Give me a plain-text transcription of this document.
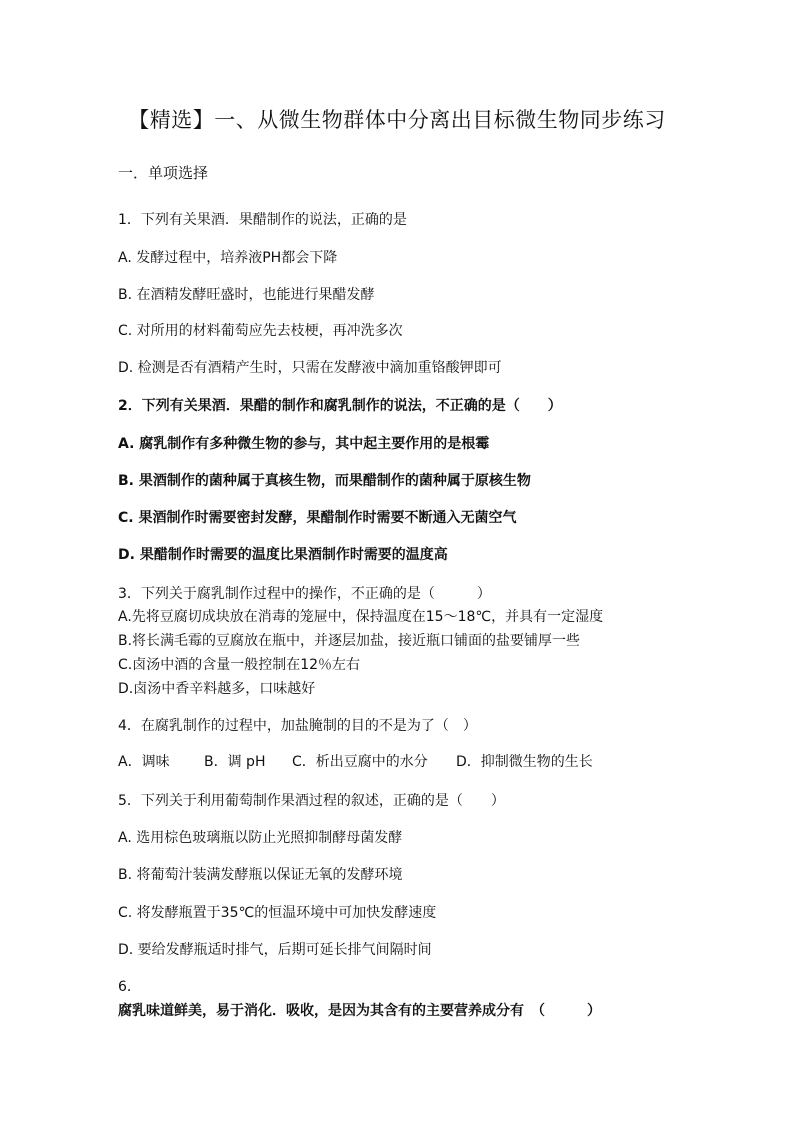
【精选】一、从微生物群体中分离出目标微生物同步练习
一．单项选择
1．下列有关果酒．果醋制作的说法，正确的是
A. 发酵过程中，培养液PH都会下降
B. 在酒精发酵旺盛时，也能进行果醋发酵
C. 对所用的材料葡萄应先去枝梗，再冲洗多次
D. 检测是否有酒精产生时，只需在发酵液中滴加重铬酸钾即可
2．下列有关果酒．果醋的制作和腐乳制作的说法，不正确的是（　　）
A. 腐乳制作有多种微生物的参与，其中起主要作用的是根霉
B. 果酒制作的菌种属于真核生物，而果醋制作的菌种属于原核生物
C. 果酒制作时需要密封发酵，果醋制作时需要不断通入无菌空气
D. 果醋制作时需要的温度比果酒制作时需要的温度高
3．下列关于腐乳制作过程中的操作，不正确的是（　　　）
A.先将豆腐切成块放在消毒的笼屉中，保持温度在15～18℃，并具有一定湿度
B.将长满毛霉的豆腐放在瓶中，并逐层加盐，接近瓶口铺面的盐要铺厚一些
C.卤汤中酒的含量一般控制在12％左右
D.卤汤中香辛料越多，口味越好
4．在腐乳制作的过程中，加盐腌制的目的不是为了（　）
A．调味 B．调 pH C．析出豆腐中的水分 D．抑制微生物的生长
5．下列关于利用葡萄制作果酒过程的叙述，正确的是（　　）
A. 选用棕色玻璃瓶以防止光照抑制酵母菌发酵
B. 将葡萄汁装满发酵瓶以保证无氧的发酵环境
C. 将发酵瓶置于35℃的恒温环境中可加快发酵速度
D. 要给发酵瓶适时排气，后期可延长排气间隔时间
6．
腐乳味道鲜美，易于消化．吸收，是因为其含有的主要营养成分有　（　　　）
